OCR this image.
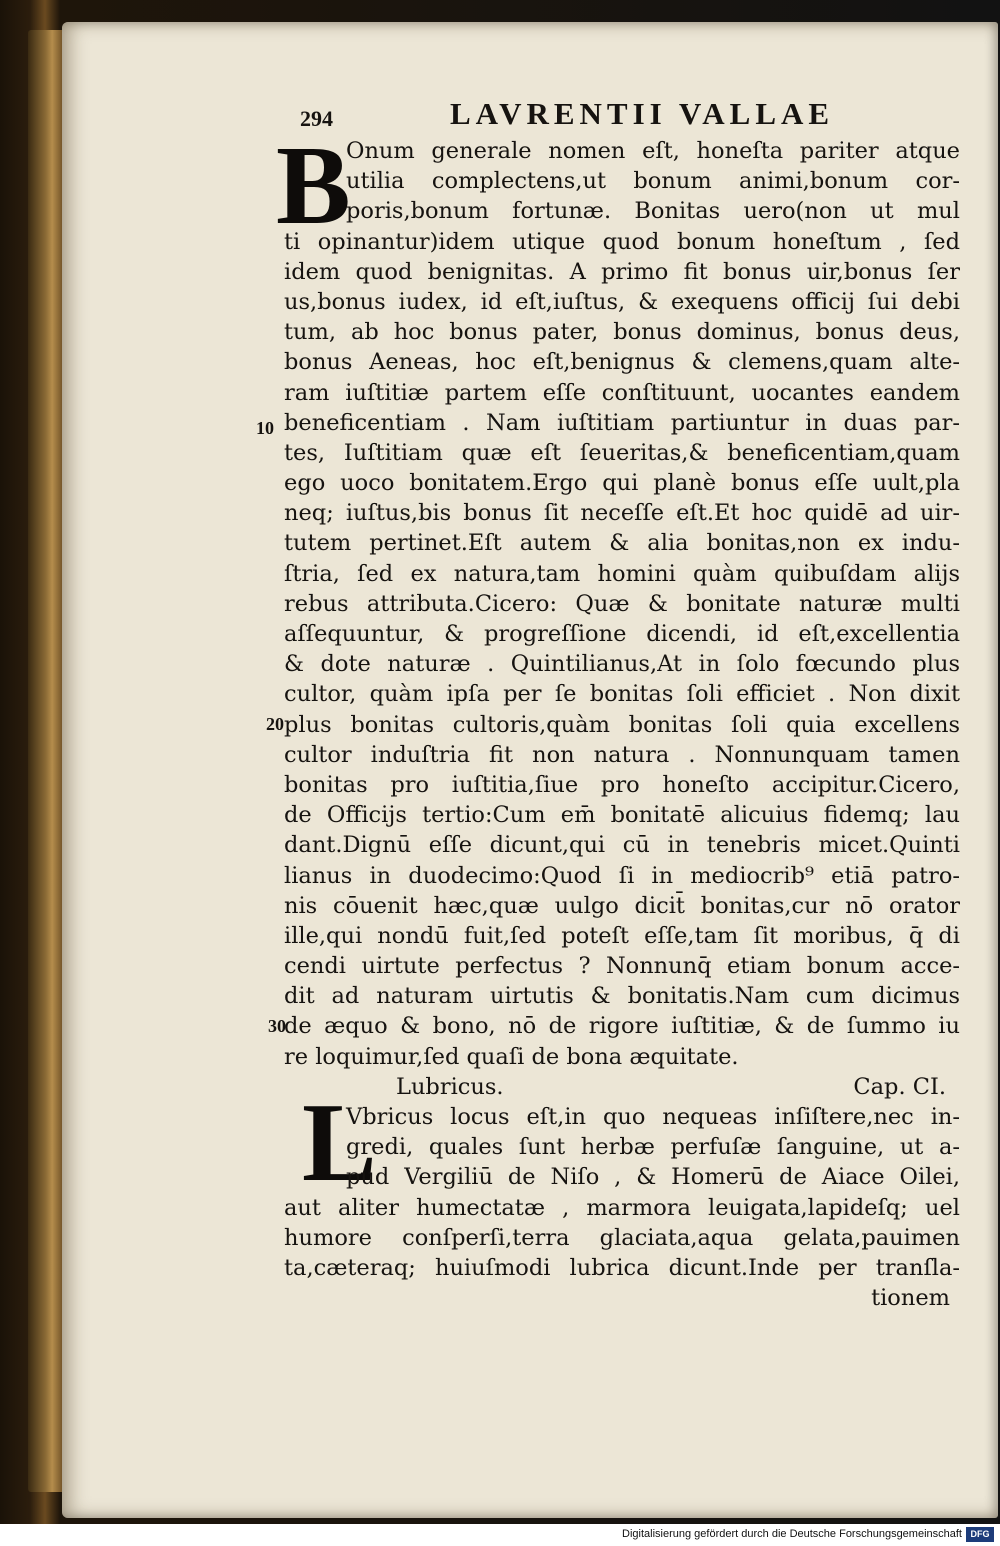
294	LAVRENTII VALLAE
B
L
10
20
30
Onum generale nomen eſt, honeſta pariter atque
utilia complectens,ut bonum animi,bonum cor-
poris,bonum fortunæ. Bonitas uero(non ut mul
ti opinantur)idem utique quod bonum honeſtum , ſed
idem quod benignitas. A primo fit bonus uir,bonus ſer
us,bonus iudex, id eſt,iuſtus, & exequens officij ſui debi
tum, ab hoc bonus pater, bonus dominus, bonus deus,
bonus Aeneas, hoc eſt,benignus & clemens,quam alte-
ram iuſtitiæ partem eſſe conſtituunt, uocantes eandem
beneficentiam . Nam iuſtitiam partiuntur in duas par-
tes, Iuſtitiam quæ eſt ſeueritas,& beneficentiam,quam
ego uoco bonitatem.Ergo qui planè bonus eſſe uult,pla
neq; iuſtus,bis bonus ſit neceſſe eſt.Et hoc quidē ad uir-
tutem pertinet.Eſt autem & alia bonitas,non ex indu-
ſtria, ſed ex natura,tam homini quàm quibuſdam alijs
rebus attributa.Cicero: Quæ & bonitate naturæ multi
aſſequuntur, & progreſſione dicendi, id eſt,excellentia
& dote naturæ . Quintilianus,At in ſolo fœcundo plus
cultor, quàm ipſa per ſe bonitas ſoli efficiet . Non dixit
plus bonitas cultoris,quàm bonitas ſoli quia excellens
cultor induſtria fit non natura . Nonnunquam tamen
bonitas pro iuſtitia,ſiue pro honeſto accipitur.Cicero,
de Officijs tertio:Cum em̄ bonitatē alicuius fidemq; lau
dant.Dignū eſſe dicunt,qui cū in tenebris micet.Quinti
lianus in duodecimo:Quod ſi in mediocrib⁹ etiā patro-
nis cōuenit hæc,quæ uulgo dicit̄ bonitas,cur nō orator
ille,qui nondū fuit,ſed poteſt eſſe,tam ſit moribus, q̄ di
cendi uirtute perfectus ? Nonnunq̄ etiam bonum acce-
dit ad naturam uirtutis & bonitatis.Nam cum dicimus
de æquo & bono, nō de rigore iuſtitiæ, & de ſummo iu
re loquimur,ſed quaſi de bona æquitate.
Lubricus.	Cap. CI.
Vbricus locus eſt,in quo nequeas inſiſtere,nec in-
gredi, quales ſunt herbæ perfuſæ ſanguine, ut a-
pud Vergiliū de Niſo , & Homerū de Aiace Oilei,
aut aliter humectatæ , marmora leuigata,lapideſq; uel
humore conſperſi,terra glaciata,aqua gelata,pauimen
ta,cæteraq; huiuſmodi lubrica dicunt.Inde per tranſla-
tionem
Digitalisierung gefördert durch die Deutsche Forschungsgemeinschaft DFG
